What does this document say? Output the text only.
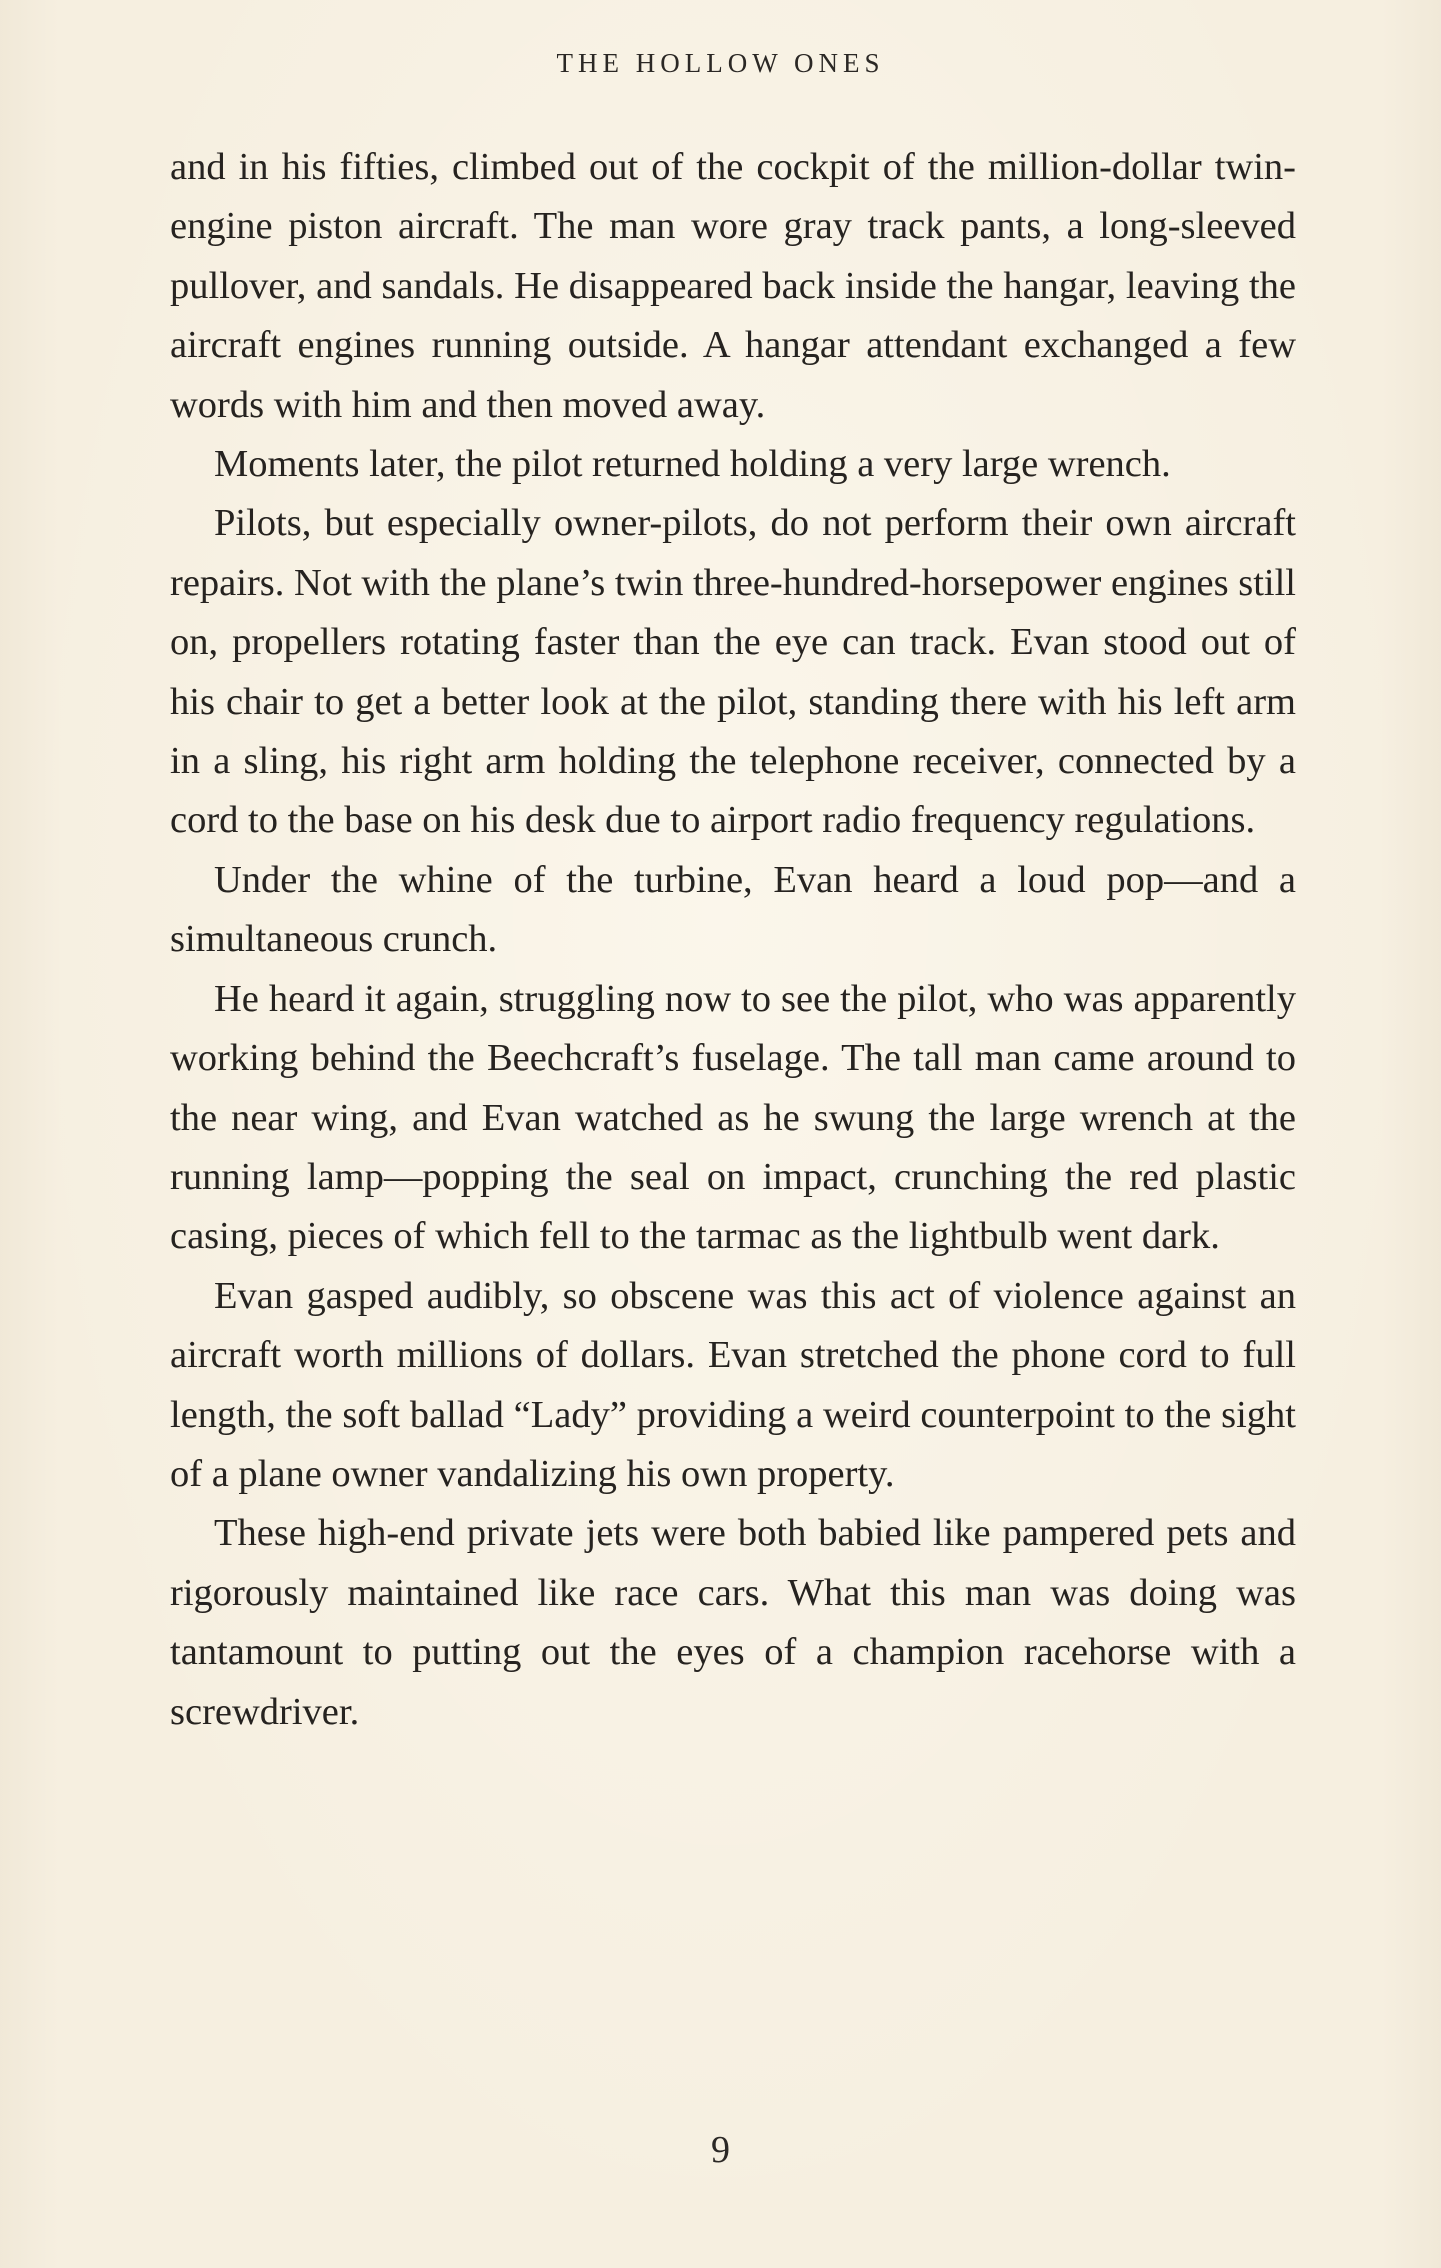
THE HOLLOW ONES

and in his fifties, climbed out of the cockpit of the million-dollar twin-engine piston aircraft. The man wore gray track pants, a long-sleeved pullover, and sandals. He disappeared back inside the hangar, leaving the aircraft engines running outside. A hangar attendant exchanged a few words with him and then moved away.

Moments later, the pilot returned holding a very large wrench.

Pilots, but especially owner-pilots, do not perform their own aircraft repairs. Not with the plane’s twin three-hundred-horsepower engines still on, propellers rotating faster than the eye can track. Evan stood out of his chair to get a better look at the pilot, standing there with his left arm in a sling, his right arm holding the telephone receiver, connected by a cord to the base on his desk due to airport radio frequency regulations.

Under the whine of the turbine, Evan heard a loud pop—and a simultaneous crunch.

He heard it again, struggling now to see the pilot, who was apparently working behind the Beechcraft’s fuselage. The tall man came around to the near wing, and Evan watched as he swung the large wrench at the running lamp—popping the seal on impact, crunching the red plastic casing, pieces of which fell to the tarmac as the lightbulb went dark.

Evan gasped audibly, so obscene was this act of violence against an aircraft worth millions of dollars. Evan stretched the phone cord to full length, the soft ballad “Lady” providing a weird counterpoint to the sight of a plane owner vandalizing his own property.

These high-end private jets were both babied like pampered pets and rigorously maintained like race cars. What this man was doing was tantamount to putting out the eyes of a champion racehorse with a screwdriver.

9
